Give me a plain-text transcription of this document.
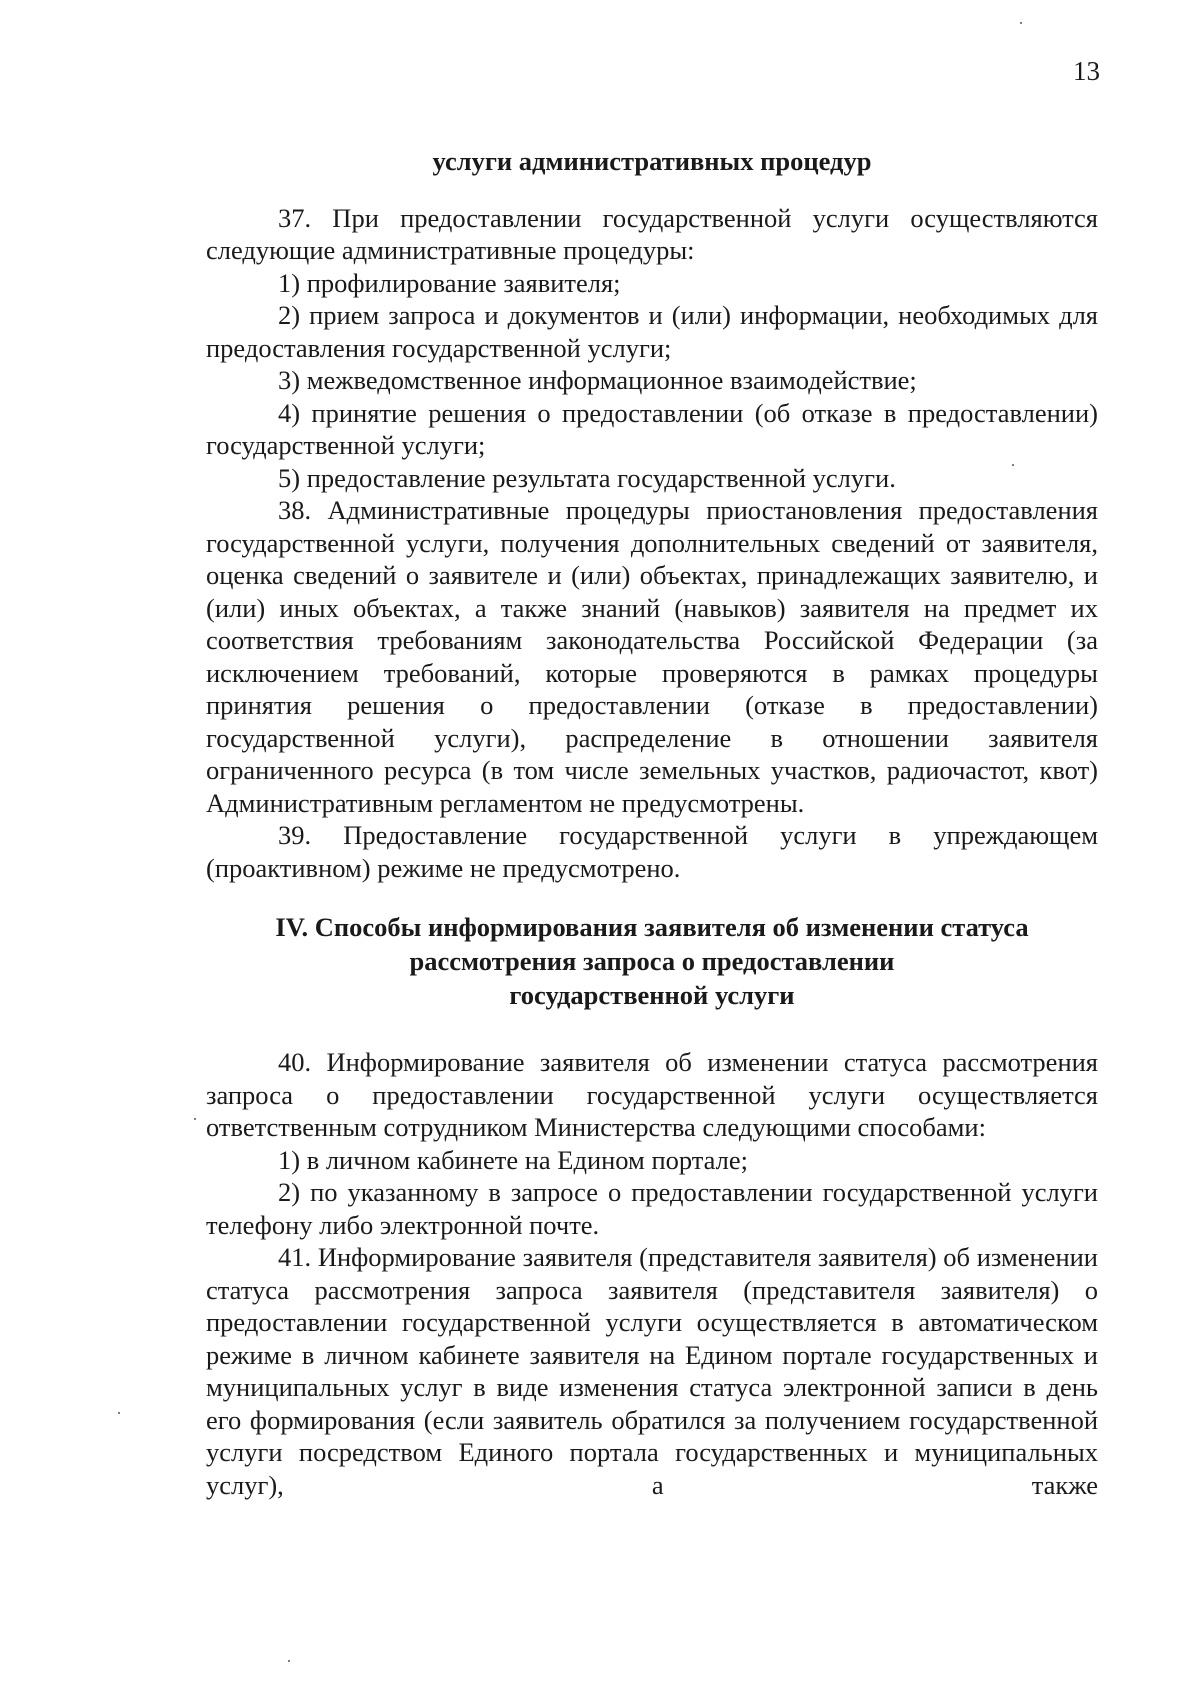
13
услуги административных процедур

37. При предоставлении государственной услуги осуществляются следующие административные процедуры:

1) профилирование заявителя;

2) прием запроса и документов и (или) информации, необходимых для предоставления государственной услуги;

3) межведомственное информационное взаимодействие;

4) принятие решения о предоставлении (об отказе в предоставлении) государственной услуги;

5) предоставление результата государственной услуги.

38. Административные процедуры приостановления предоставления государственной услуги, получения дополнительных сведений от заявителя, оценка сведений о заявителе и (или) объектах, принадлежащих заявителю, и (или) иных объектах, а также знаний (навыков) заявителя на предмет их соответствия требованиям законодательства Российской Федерации (за исключением требований, которые проверяются в рамках процедуры принятия решения о предоставлении (отказе в предоставлении) государственной услуги), распределение в отношении заявителя ограниченного ресурса (в том числе земельных участков, радиочастот, квот) Административным регламентом не предусмотрены.

39. Предоставление государственной услуги в упреждающем (проактивном) режиме не предусмотрено.

IV. Способы информирования заявителя об изменении статуса
рассмотрения запроса о предоставлении
государственной услуги

40. Информирование заявителя об изменении статуса рассмотрения запроса о предоставлении государственной услуги осуществляется ответственным сотрудником Министерства следующими способами:

1) в личном кабинете на Едином портале;

2) по указанному в запросе о предоставлении государственной услуги телефону либо электронной почте.

41. Информирование заявителя (представителя заявителя) об изменении статуса рассмотрения запроса заявителя (представителя заявителя) о предоставлении государственной услуги осуществляется в автоматическом режиме в личном кабинете заявителя на Едином портале государственных и муниципальных услуг в виде изменения статуса электронной записи в день его формирования (если заявитель обратился за получением государственной услуги посредством Единого портала государственных и муниципальных услуг), а также
